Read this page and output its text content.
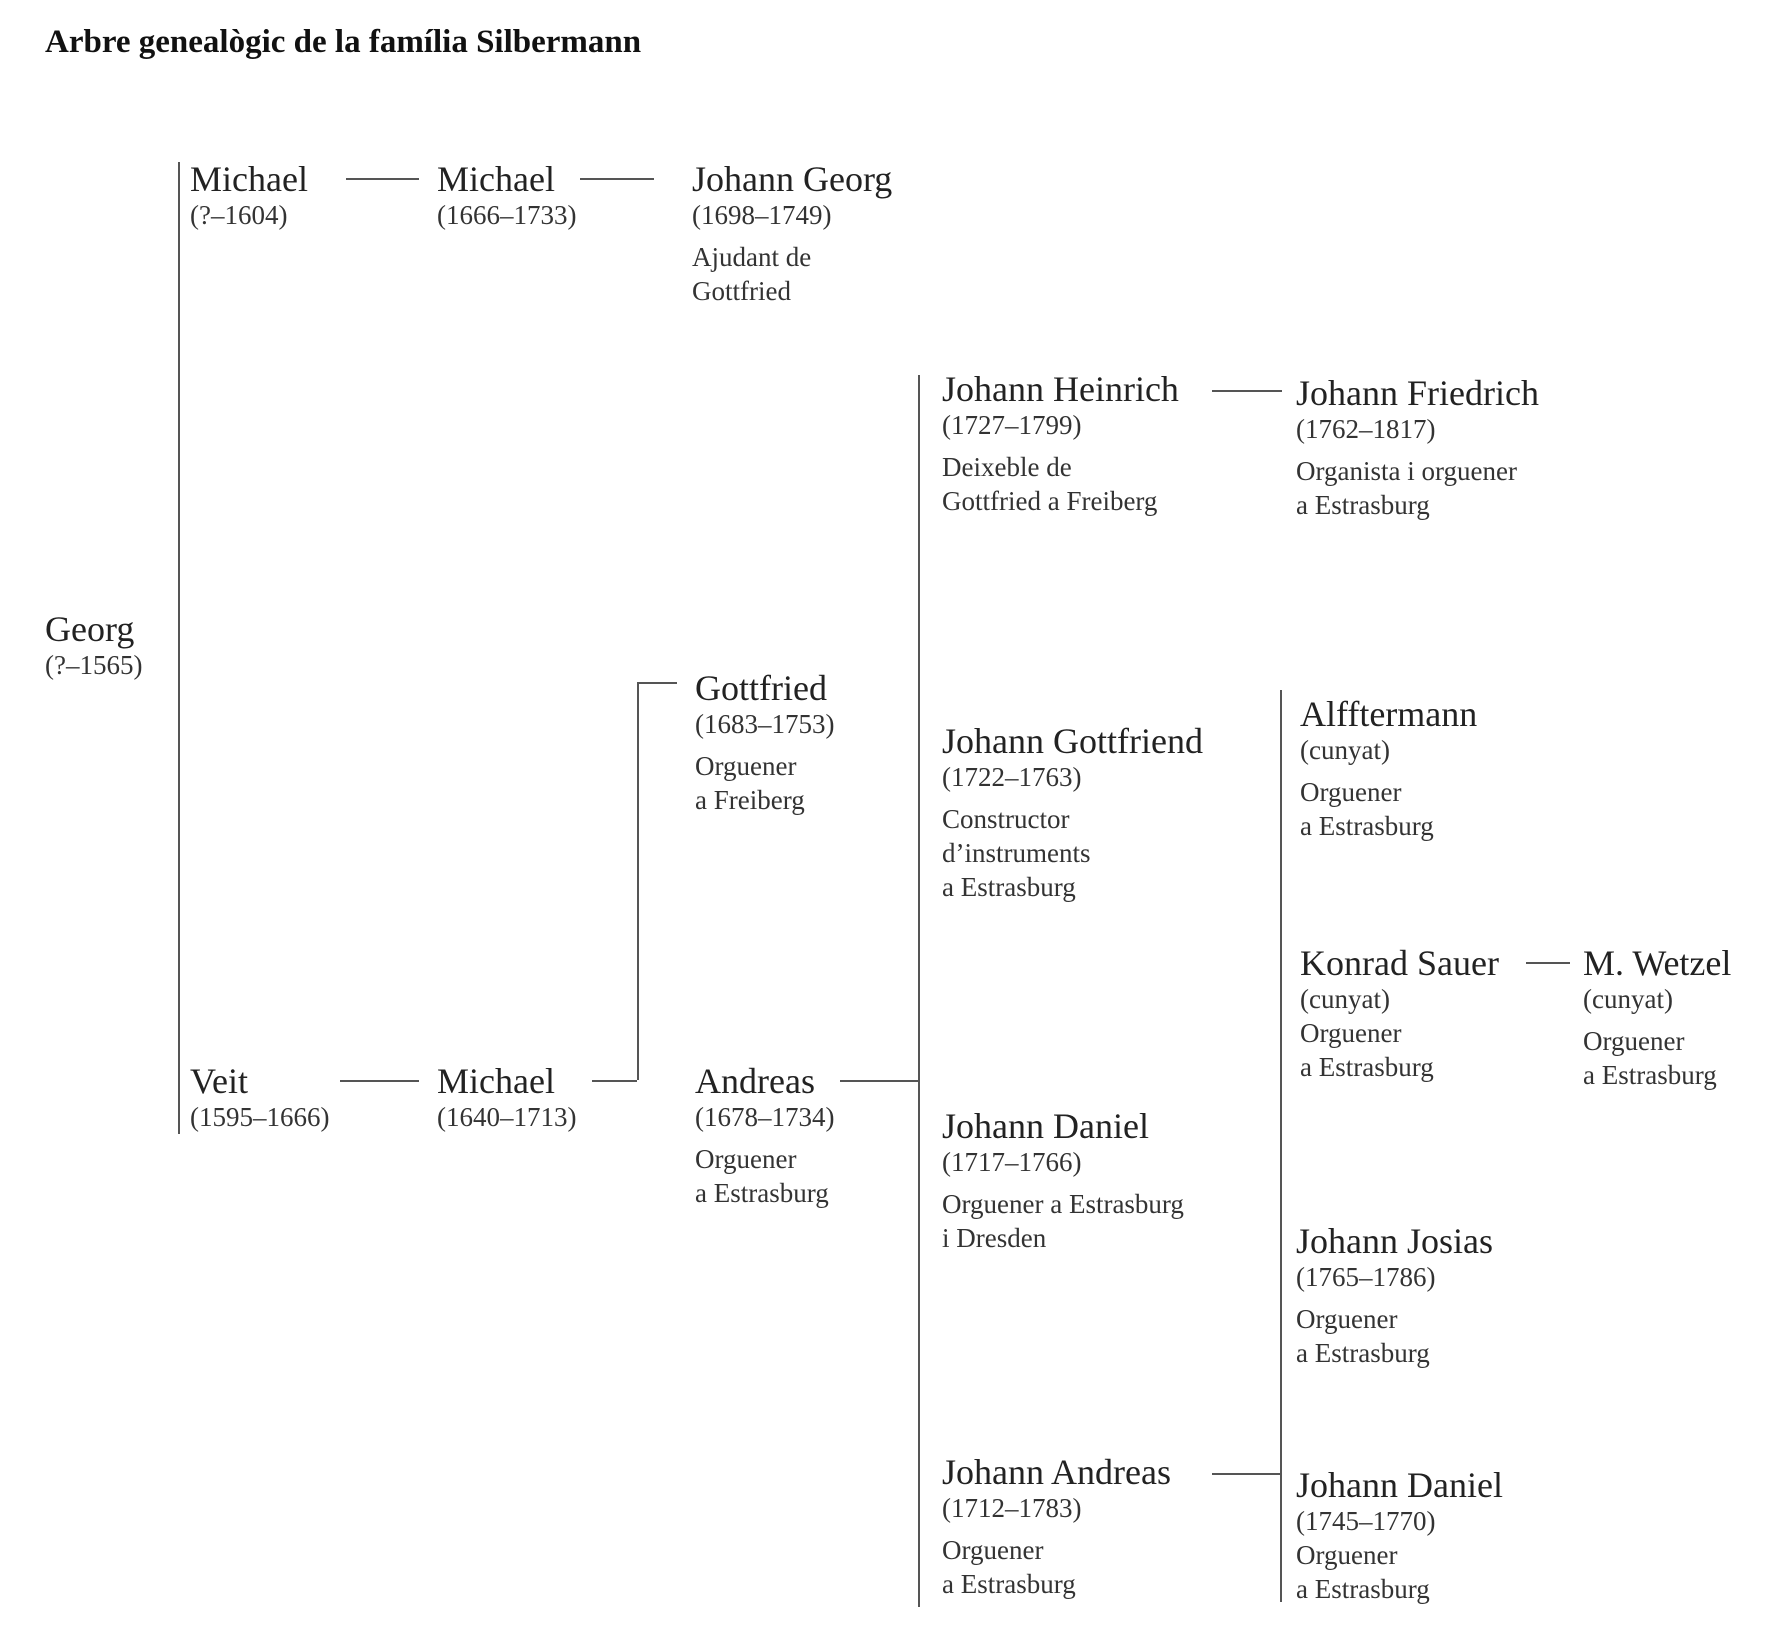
Arbre genealògic de la família Silbermann
Georg
(?–1565)
Michael
(?–1604)
Michael
(1666–1733)
Johann Georg
(1698–1749)
Ajudant de
Gottfried
Veit
(1595–1666)
Michael
(1640–1713)
Gottfried
(1683–1753)
Orguener
a Freiberg
Andreas
(1678–1734)
Orguener
a Estrasburg
Johann Heinrich
(1727–1799)
Deixeble de
Gottfried a Freiberg
Johann Gottfriend
(1722–1763)
Constructor
d’instruments
a Estrasburg
Johann Daniel
(1717–1766)
Orguener a Estrasburg
i Dresden
Johann Andreas
(1712–1783)
Orguener
a Estrasburg
Johann Friedrich
(1762–1817)
Organista i orguener
a Estrasburg
Alfftermann
(cunyat)
Orguener
a Estrasburg
Konrad Sauer
(cunyat)
Orguener
a Estrasburg
M. Wetzel
(cunyat)
Orguener
a Estrasburg
Johann Josias
(1765–1786)
Orguener
a Estrasburg
Johann Daniel
(1745–1770)
Orguener
a Estrasburg
